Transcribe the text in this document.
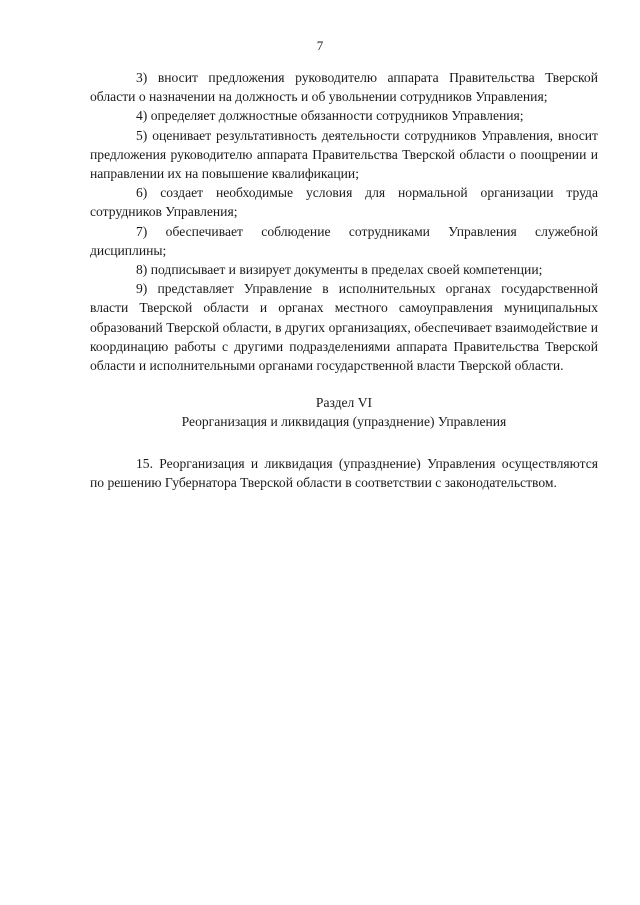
7

3) вносит предложения руководителю аппарата Правительства Тверской области о назначении на должность и об увольнении сотрудников Управления;

4) определяет должностные обязанности сотрудников Управления;

5) оценивает результативность деятельности сотрудников Управления, вносит предложения руководителю аппарата Правительства Тверской области о поощрении и направлении их на повышение квалификации;

6) создает необходимые условия для нормальной организации труда сотрудников Управления;

7) обеспечивает соблюдение сотрудниками Управления служебной дисциплины;

8) подписывает и визирует документы в пределах своей компетенции;

9) представляет Управление в исполнительных органах государственной власти Тверской области и органах местного самоуправления муниципальных образований Тверской области, в других организациях, обеспечивает взаимодействие и координацию работы с другими подразделениями аппарата Правительства Тверской области и исполнительными органами государственной власти Тверской области.

Раздел VI

Реорганизация и ликвидация (упразднение) Управления

15. Реорганизация и ликвидация (упразднение) Управления осуществляются по решению Губернатора Тверской области в соответствии с законодательством.
